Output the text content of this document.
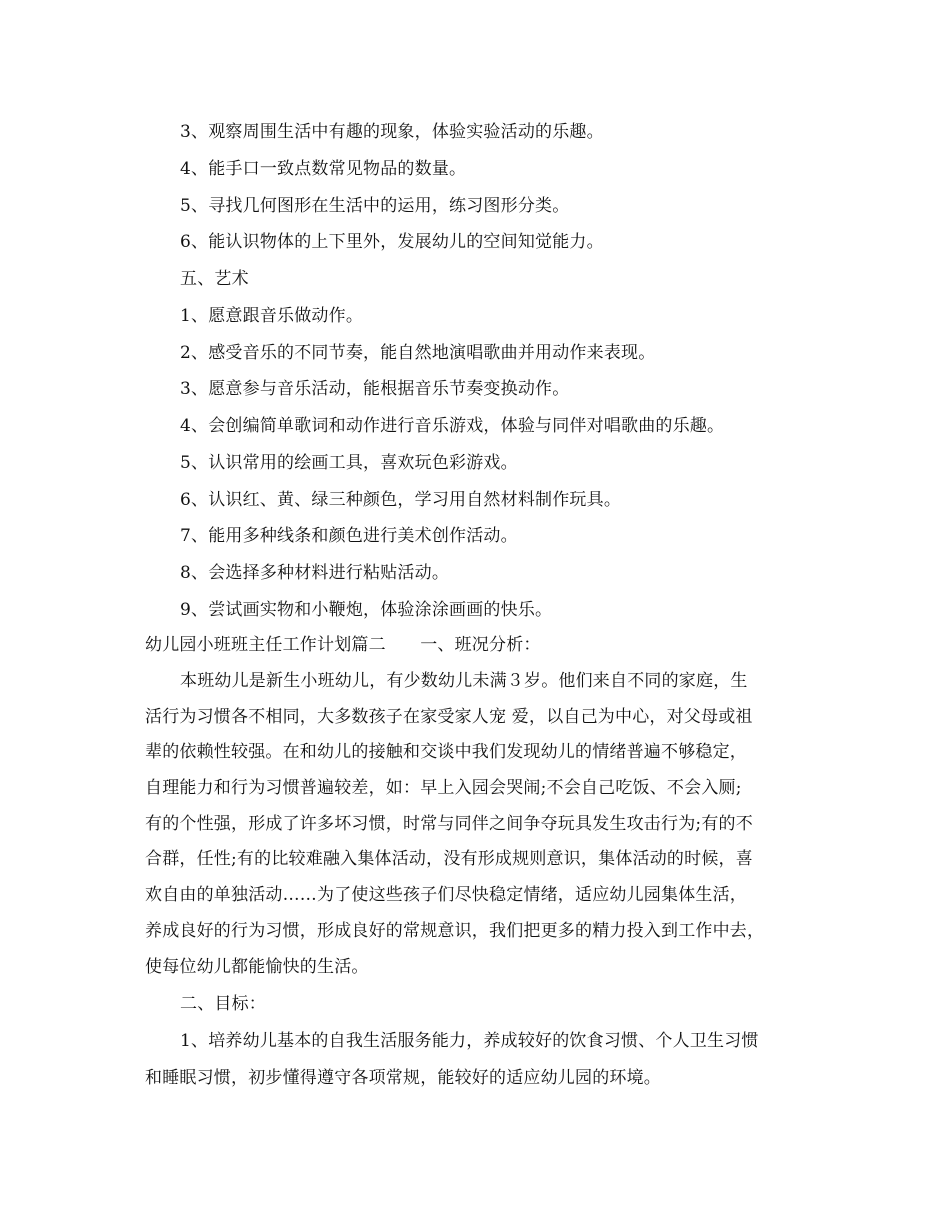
3、观察周围生活中有趣的现象，体验实验活动的乐趣。
4、能手口一致点数常见物品的数量。
5、寻找几何图形在生活中的运用，练习图形分类。
6、能认识物体的上下里外，发展幼儿的空间知觉能力。
五、艺术
1、愿意跟音乐做动作。
2、感受音乐的不同节奏，能自然地演唱歌曲并用动作来表现。
3、愿意参与音乐活动，能根据音乐节奏变换动作。
4、会创编简单歌词和动作进行音乐游戏，体验与同伴对唱歌曲的乐趣。
5、认识常用的绘画工具，喜欢玩色彩游戏。
6、认识红、黄、绿三种颜色，学习用自然材料制作玩具。
7、能用多种线条和颜色进行美术创作活动。
8、会选择多种材料进行粘贴活动。
9、尝试画实物和小鞭炮，体验涂涂画画的快乐。
幼儿园小班班主任工作计划篇二　　一、班况分析：
本班幼儿是新生小班幼儿，有少数幼儿未满３岁。他们来自不同的家庭，生
活行为习惯各不相同，大多数孩子在家受家人宠 爱，以自己为中心，对父母或祖
辈的依赖性较强。在和幼儿的接触和交谈中我们发现幼儿的情绪普遍不够稳定，
自理能力和行为习惯普遍较差，如：早上入园会哭闹;不会自己吃饭、不会入厕;
有的个性强，形成了许多坏习惯，时常与同伴之间争夺玩具发生攻击行为;有的不
合群，任性;有的比较难融入集体活动，没有形成规则意识，集体活动的时候，喜
欢自由的单独活动……为了使这些孩子们尽快稳定情绪，适应幼儿园集体生活，
养成良好的行为习惯，形成良好的常规意识，我们把更多的精力投入到工作中去，
使每位幼儿都能愉快的生活。
二、目标：
1、培养幼儿基本的自我生活服务能力，养成较好的饮食习惯、个人卫生习惯
和睡眠习惯，初步懂得遵守各项常规，能较好的适应幼儿园的环境。
